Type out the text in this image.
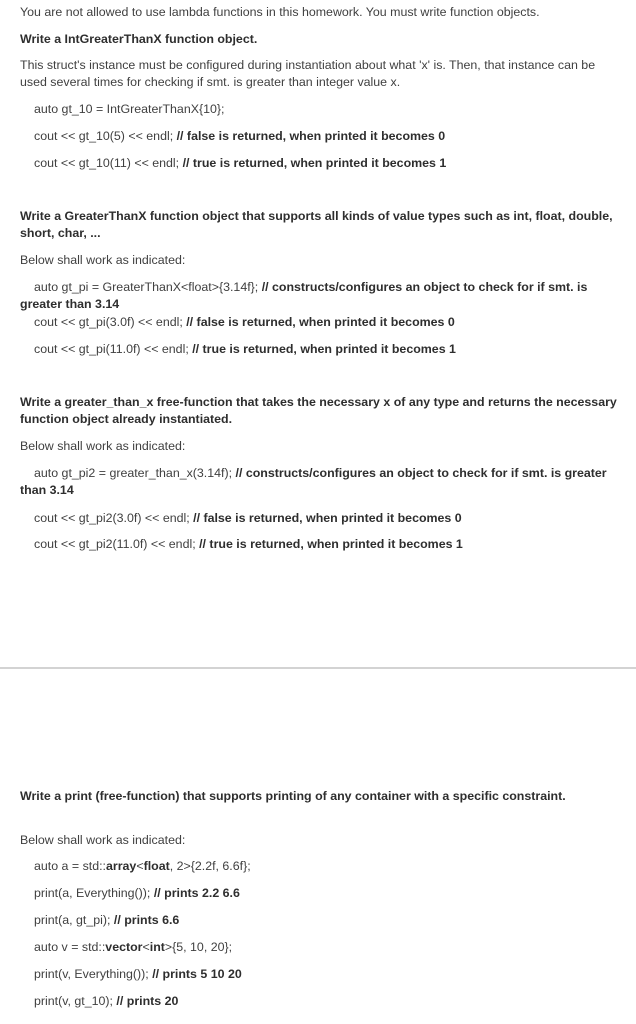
You are not allowed to use lambda functions in this homework. You must write function objects.
Write a IntGreaterThanX function object.
This struct's instance must be configured during instantiation about what 'x' is. Then, that instance can be used several times for checking if smt. is greater than integer value x.
auto gt_10 = IntGreaterThanX{10};
cout << gt_10(5) << endl; // false is returned, when printed it becomes 0
cout << gt_10(11) << endl; // true is returned, when printed it becomes 1
Write a GreaterThanX function object that supports all kinds of value types such as int, float, double, short, char, ...
Below shall work as indicated:
auto gt_pi = GreaterThanX<float>{3.14f}; // constructs/configures an object to check for if smt. is greater than 3.14
cout << gt_pi(3.0f) << endl; // false is returned, when printed it becomes 0
cout << gt_pi(11.0f) << endl; // true is returned, when printed it becomes 1
Write a greater_than_x free-function that takes the necessary x of any type and returns the necessary function object already instantiated.
Below shall work as indicated:
auto gt_pi2 = greater_than_x(3.14f); // constructs/configures an object to check for if smt. is greater than 3.14
cout << gt_pi2(3.0f) << endl; // false is returned, when printed it becomes 0
cout << gt_pi2(11.0f) << endl; // true is returned, when printed it becomes 1
Write a print (free-function) that supports printing of any container with a specific constraint.
Below shall work as indicated:
auto a = std::array<float, 2>{2.2f, 6.6f};
print(a, Everything()); // prints 2.2 6.6
print(a, gt_pi); // prints 6.6
auto v = std::vector<int>{5, 10, 20};
print(v, Everything()); // prints 5 10 20
print(v, gt_10); // prints 20
